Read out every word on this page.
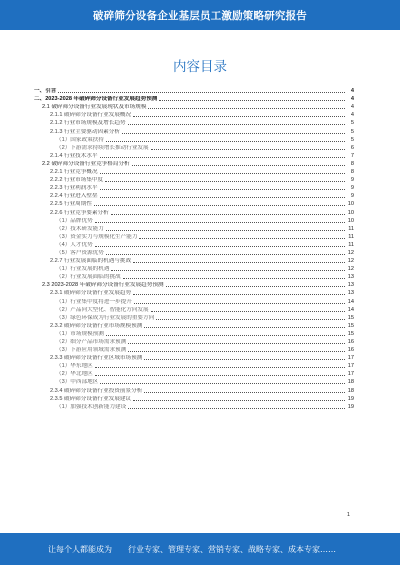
破碎筛分设备企业基层员工激励策略研究报告
内容目录
一、引言	4
二、2023-2028 年破碎筛分设备行业发展趋势预测	4
2.1 破碎筛分设备行业发展现状及市场规模	4
2.1.1 破碎筛分设备行业发展概况	4
2.1.2 行业市场规模及增长趋势	5
2.1.3 行业主要驱动因素分析	5
（1）国家政策扶持	5
（2）下游需求持续增长推动行业发展	6
2.1.4 行业技术水平	7
2.2 破碎筛分设备行业竞争格局分析	8
2.2.1 行业竞争概况	8
2.2.2 行业市场集中度	9
2.2.3 行业利润水平	9
2.2.4 行业进入壁垒	9
2.2.5 行业周期性	10
2.2.6 行业竞争要素分析	10
（1）品牌优势	10
（2）技术研发能力	11
（3）资金实力与规模化生产能力	11
（4）人才优势	11
（5）客户资源优势	12
2.2.7 行业发展面临的机遇与挑战	12
（1）行业发展的机遇	12
（2）行业发展面临的挑战	13
2.3 2023-2028 年破碎筛分设备行业发展趋势预测	13
2.3.1 破碎筛分设备行业发展趋势	13
（1）行业集中度将进一步提升	14
（2）产品向大型化、智能化方向发展	14
（3）绿色环保成为行业发展的重要方向	15
2.3.2 破碎筛分设备行业市场规模预测	15
（1）市场规模预测	15
（2）细分产品市场需求预测	16
（3）下游应用领域需求预测	16
2.3.3 破碎筛分设备行业区域市场预测	17
（1）华东地区	17
（2）华北地区	17
（3）中西部地区	18
2.3.4 破碎筛分设备行业投资前景分析	18
2.3.5 破碎筛分设备行业发展建议	19
（1）加强技术创新能力建设	19
1
让每个人都能成为 行业专家、管理专家、营销专家、战略专家、成本专家……
